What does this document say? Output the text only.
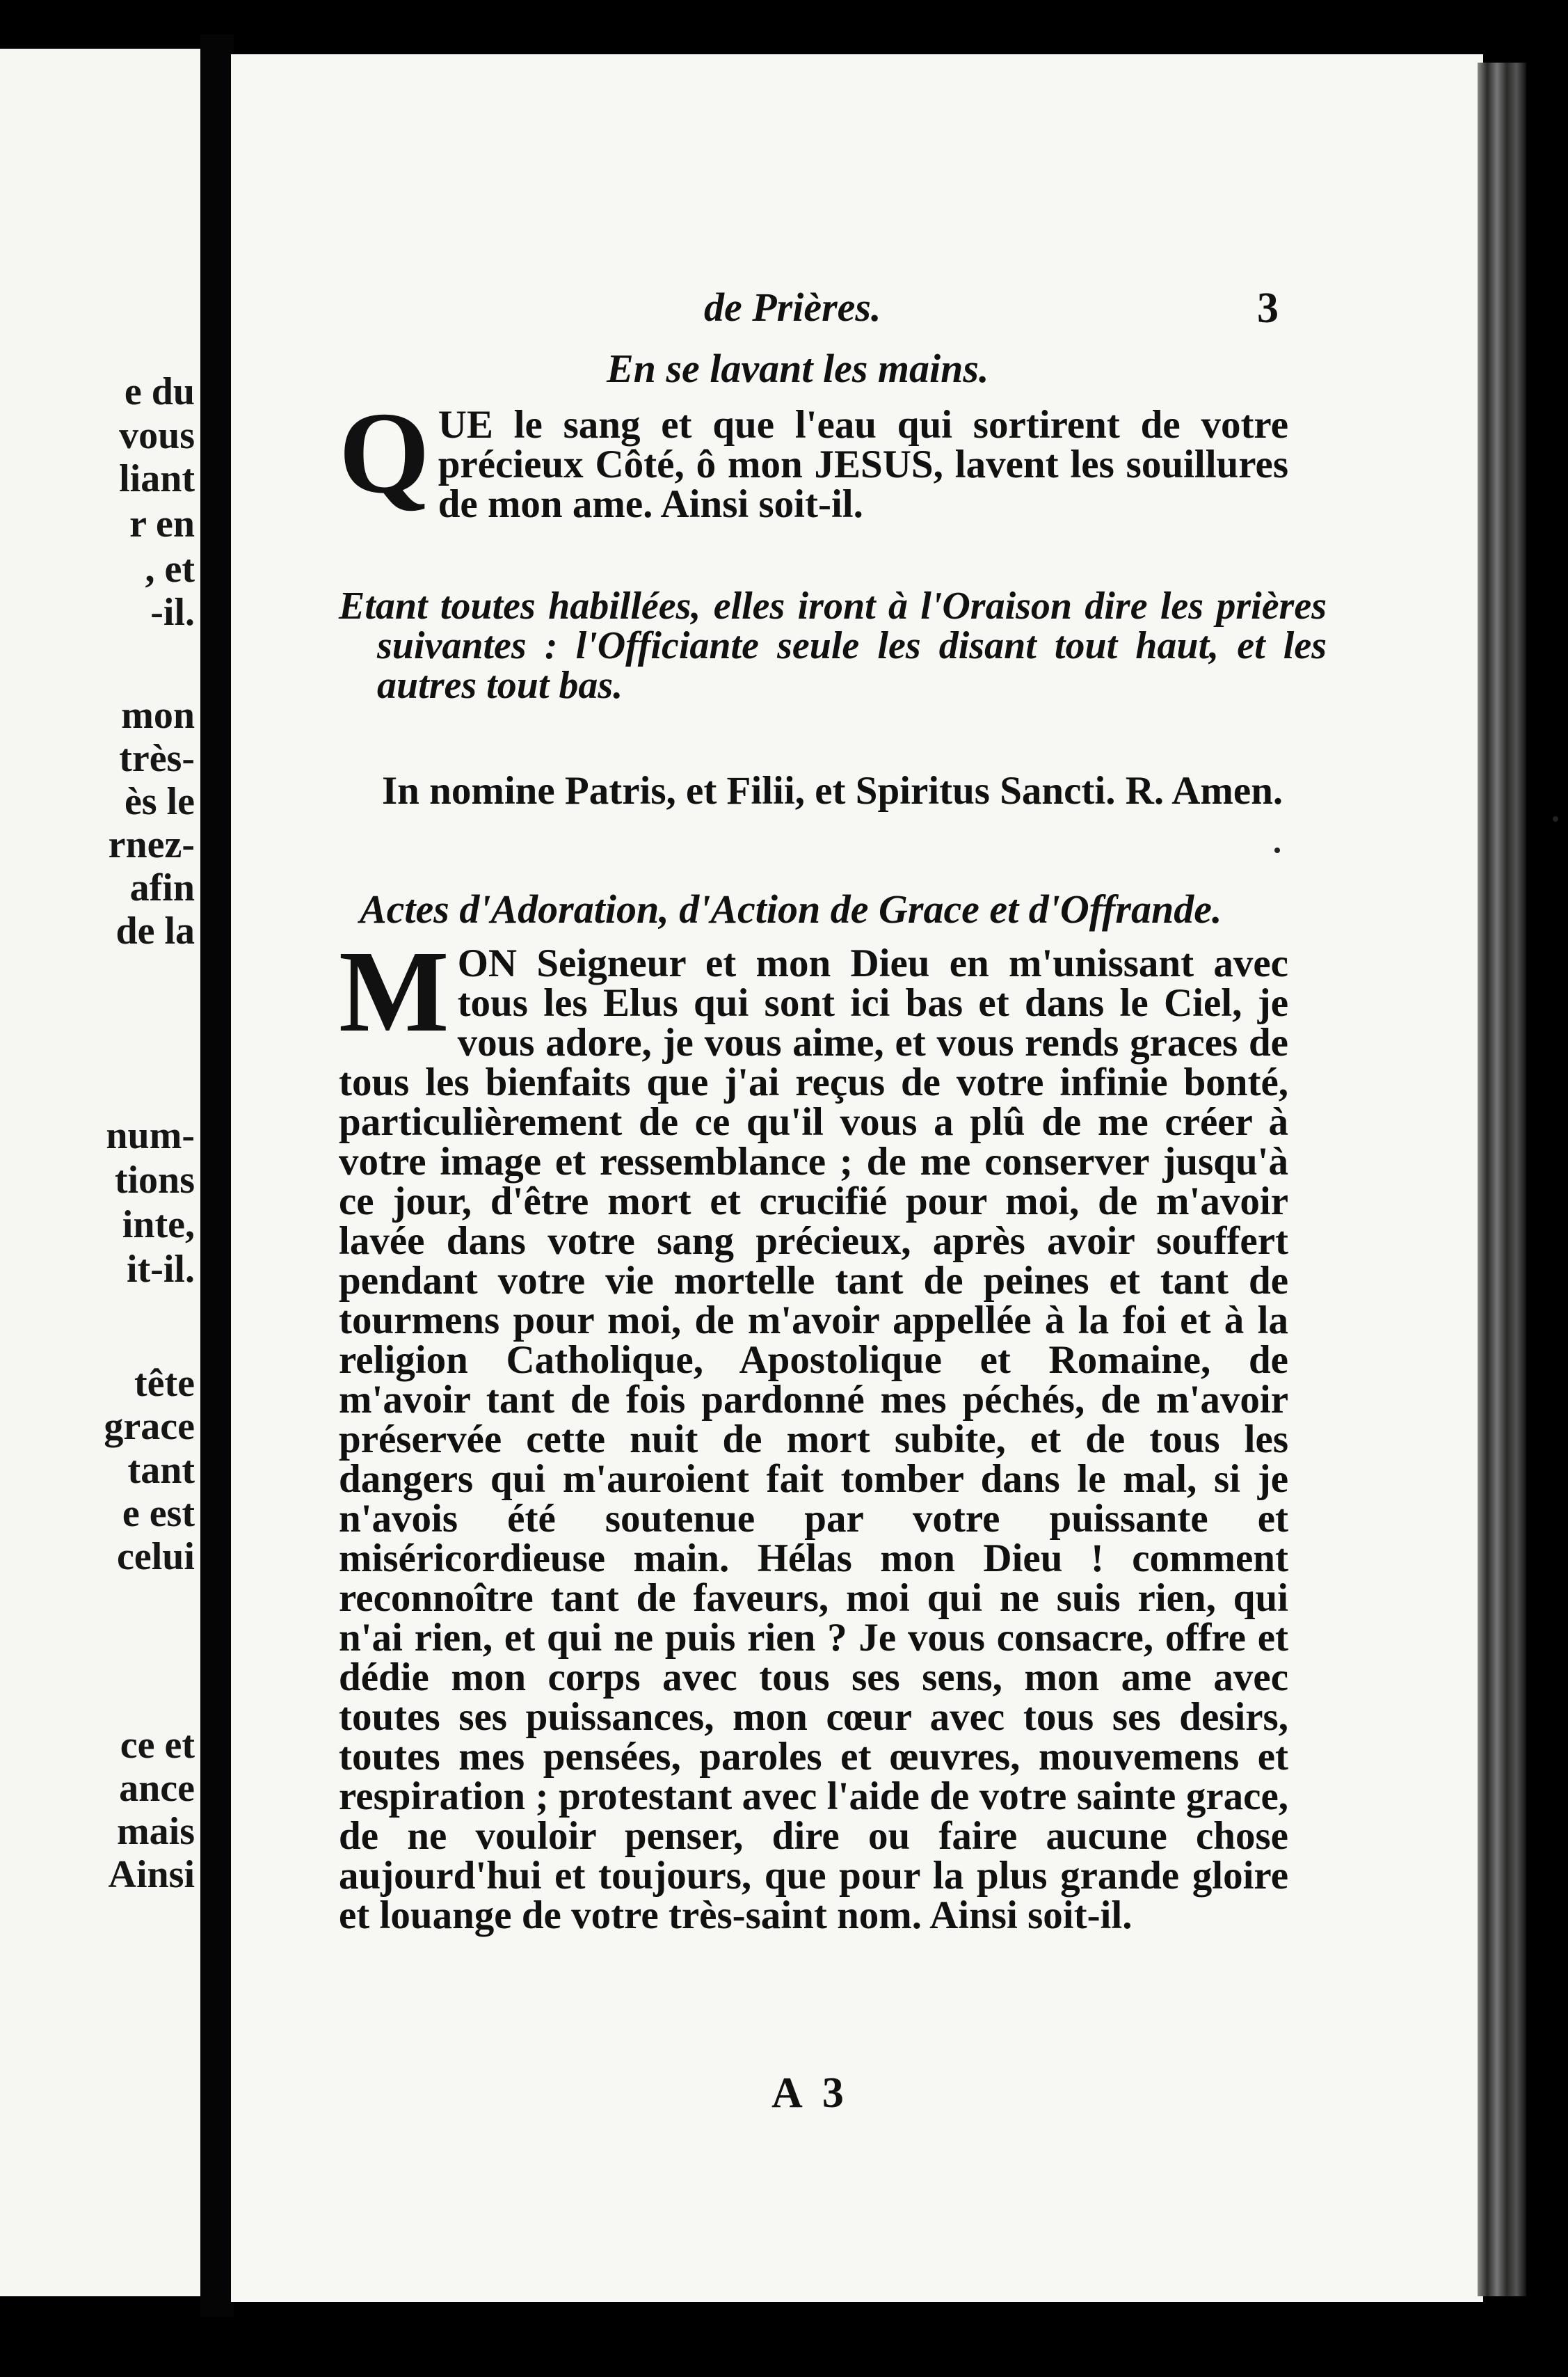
e du
vous
liant
r en
, et
-il.
mon
très-
ès le
rnez-
afin
de la
num-
tions
inte,
it-il.
tête
grace
tant
e est
celui
ce et
ance
mais
Ainsi
de Prières.	3
En se lavant les mains.
QUE le sang et que l'eau qui sortirent de votre précieux Côté, ô mon JESUS, lavent les souillures de mon ame. Ainsi soit-il.
Etant toutes habillées, elles iront à l'Oraison dire les prières suivantes : l'Officiante seule les disant tout haut, et les autres tout bas.
In nomine Patris, et Filii, et Spiritus Sancti. R. Amen.
Actes d'Adoration, d'Action de Grace et d'Offrande.
MON Seigneur et mon Dieu en m'unissant avec tous les Elus qui sont ici bas et dans le Ciel, je vous adore, je vous aime, et vous rends graces de tous les bienfaits que j'ai reçus de votre infinie bonté, particulièrement de ce qu'il vous a plû de me créer à votre image et ressemblance ; de me conserver jusqu'à ce jour, d'être mort et crucifié pour moi, de m'avoir lavée dans votre sang précieux, après avoir souffert pendant votre vie mortelle tant de peines et tant de tourmens pour moi, de m'avoir appellée à la foi et à la religion Catholique, Apostolique et Romaine, de m'avoir tant de fois pardonné mes péchés, de m'avoir préservée cette nuit de mort subite, et de tous les dangers qui m'auroient fait tomber dans le mal, si je n'avois été soutenue par votre puissante et miséricordieuse main. Hélas mon Dieu ! comment reconnoître tant de faveurs, moi qui ne suis rien, qui n'ai rien, et qui ne puis rien ? Je vous consacre, offre et dédie mon corps avec tous ses sens, mon ame avec toutes ses puissances, mon cœur avec tous ses desirs, toutes mes pensées, paroles et œuvres, mouvemens et respiration ; protestant avec l'aide de votre sainte grace, de ne vouloir penser, dire ou faire aucune chose aujourd'hui et toujours, que pour la plus grande gloire et louange de votre très-saint nom. Ainsi soit-il.
A 3
